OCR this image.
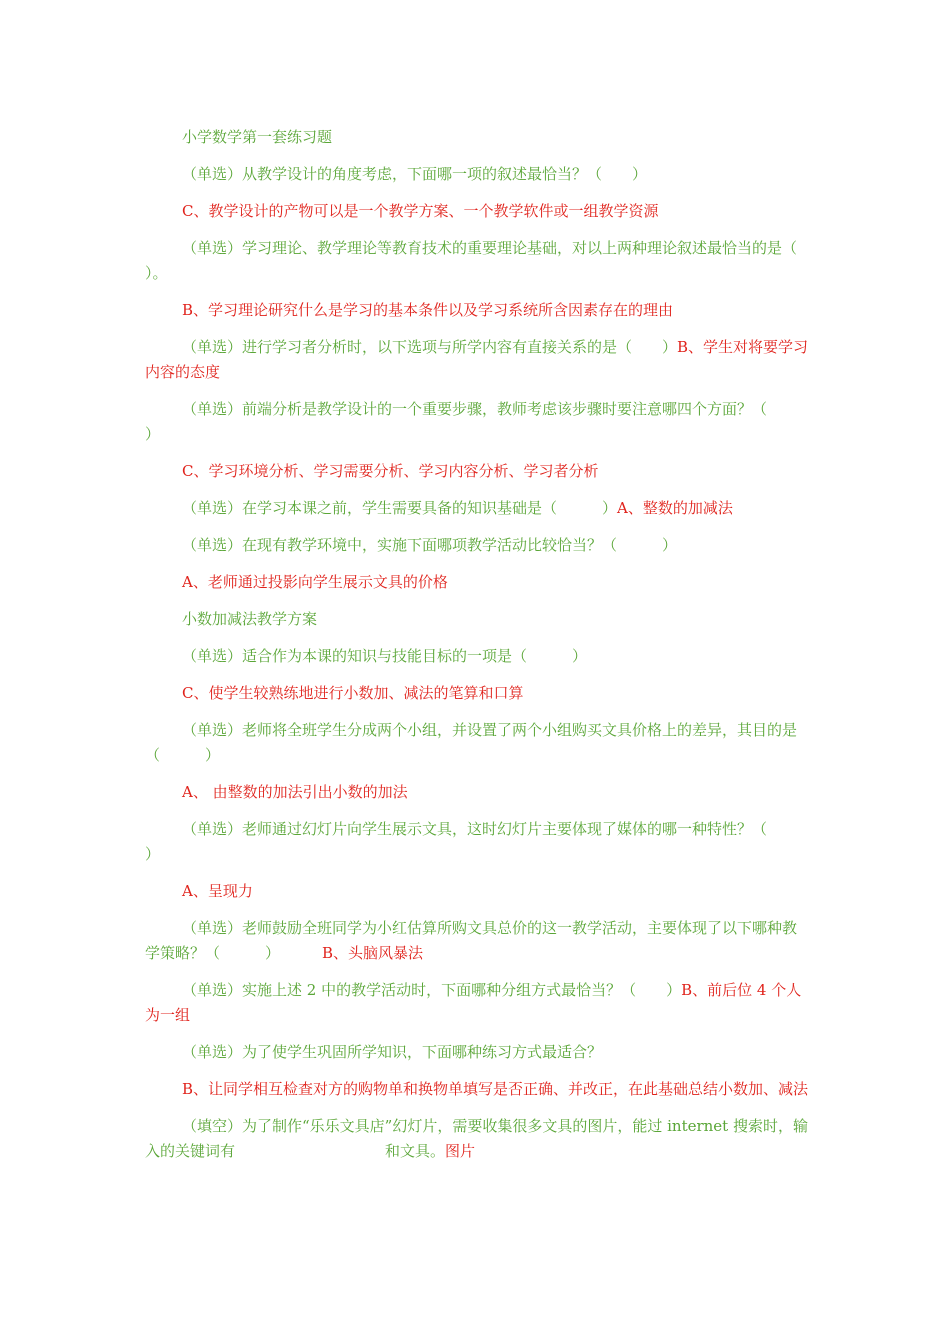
小学数学第一套练习题

（单选）从教学设计的角度考虑，下面哪一项的叙述最恰当？（　　）

C、教学设计的产物可以是一个教学方案、一个教学软件或一组教学资源

（单选）学习理论、教学理论等教育技术的重要理论基础，对以上两种理论叙述最恰当的是（　　　）。

B、学习理论研究什么是学习的基本条件以及学习系统所含因素存在的理由

（单选）进行学习者分析时，以下选项与所学内容有直接关系的是（　　）B、学生对将要学习内容的态度

（单选）前端分析是教学设计的一个重要步骤，教师考虑该步骤时要注意哪四个方面？（　　　）

C、学习环境分析、学习需要分析、学习内容分析、学习者分析

（单选）在学习本课之前，学生需要具备的知识基础是（　　　）A、整数的加减法

（单选）在现有教学环境中，实施下面哪项教学活动比较恰当？（　　　）

A、老师通过投影向学生展示文具的价格

小数加减法教学方案

（单选）适合作为本课的知识与技能目标的一项是（　　　）

C、使学生较熟练地进行小数加、减法的笔算和口算

（单选）老师将全班学生分成两个小组，并设置了两个小组购买文具价格上的差异，其目的是（　　　）

A、 由整数的加法引出小数的加法

（单选）老师通过幻灯片向学生展示文具，这时幻灯片主要体现了媒体的哪一种特性？（　　　）

A、呈现力

（单选）老师鼓励全班同学为小红估算所购文具总价的这一教学活动，主要体现了以下哪种教学策略？（　　　）	B、头脑风暴法

（单选）实施上述 2 中的教学活动时，下面哪种分组方式最恰当？（　　）B、前后位 4 个人为一组

（单选）为了使学生巩固所学知识，下面哪种练习方式最适合？

B、让同学相互检查对方的购物单和换物单填写是否正确、并改正，在此基础总结小数加、减法

（填空）为了制作“乐乐文具店”幻灯片，需要收集很多文具的图片，能过 internet 搜索时，输入的关键词有	和文具。图片
